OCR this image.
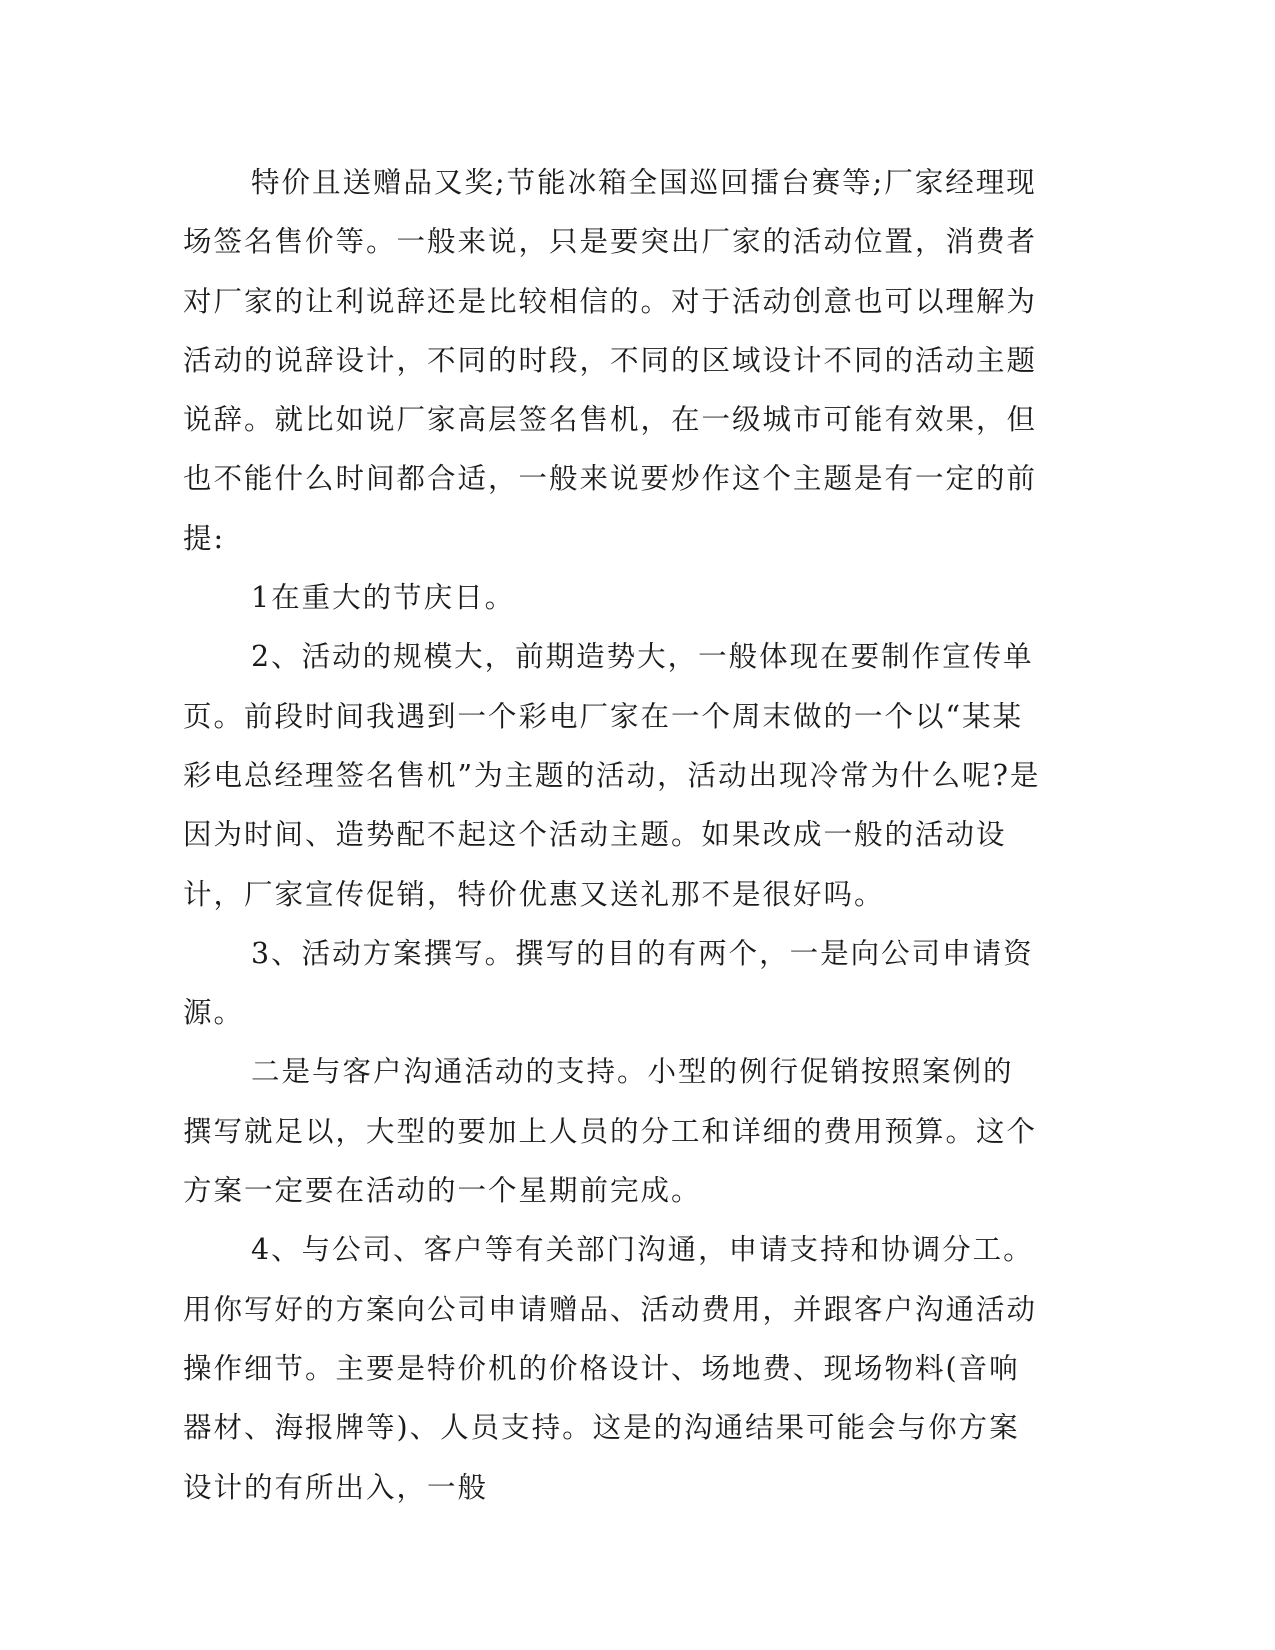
特价且送赠品又奖;节能冰箱全国巡回擂台赛等;厂家经理现场签名售价等。一般来说，只是要突出厂家的活动位置，消费者对厂家的让利说辞还是比较相信的。对于活动创意也可以理解为活动的说辞设计，不同的时段，不同的区域设计不同的活动主题说辞。就比如说厂家高层签名售机，在一级城市可能有效果，但也不能什么时间都合适，一般来说要炒作这个主题是有一定的前提:

1在重大的节庆日。

2、活动的规模大，前期造势大，一般体现在要制作宣传单页。前段时间我遇到一个彩电厂家在一个周末做的一个以“某某彩电总经理签名售机”为主题的活动，活动出现冷常为什么呢?是因为时间、造势配不起这个活动主题。如果改成一般的活动设计，厂家宣传促销，特价优惠又送礼那不是很好吗。

3、活动方案撰写。撰写的目的有两个，一是向公司申请资源。

二是与客户沟通活动的支持。小型的例行促销按照案例的撰写就足以，大型的要加上人员的分工和详细的费用预算。这个方案一定要在活动的一个星期前完成。

4、与公司、客户等有关部门沟通，申请支持和协调分工。用你写好的方案向公司申请赠品、活动费用，并跟客户沟通活动操作细节。主要是特价机的价格设计、场地费、现场物料(音响器材、海报牌等)、人员支持。这是的沟通结果可能会与你方案设计的有所出入，一般
